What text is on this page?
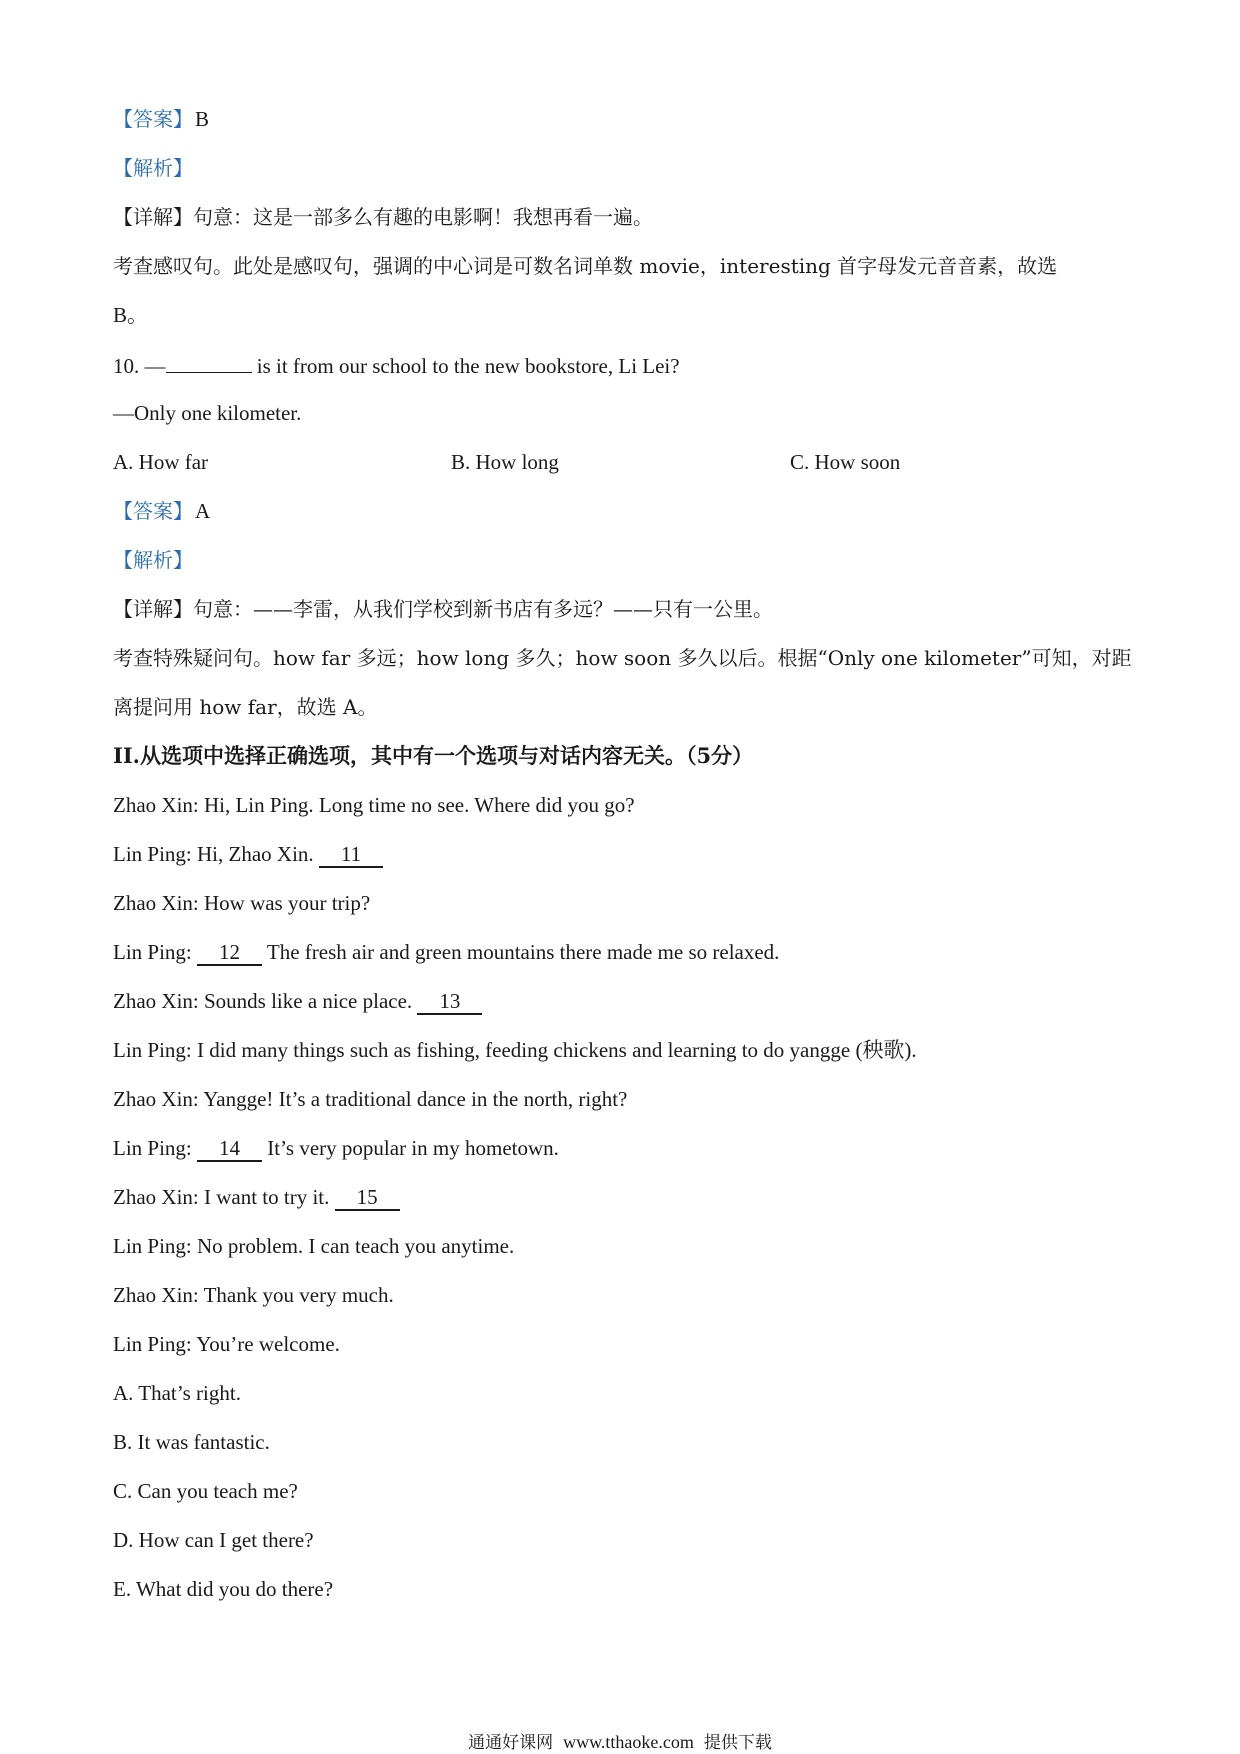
【答案】B
【解析】
【详解】句意：这是一部多么有趣的电影啊！我想再看一遍。
考查感叹句。此处是感叹句，强调的中心词是可数名词单数 movie，interesting 首字母发元音音素，故选
B。
10. —	is it from our school to the new bookstore, Li Lei?
—Only one kilometer.
A. How far	B. How long	C. How soon
【答案】A
【解析】
【详解】句意：——李雷，从我们学校到新书店有多远？——只有一公里。
考查特殊疑问句。how far 多远；how long 多久；how soon 多久以后。根据“Only one kilometer”可知，对距
离提问用 how far，故选 A。
II.从选项中选择正确选项，其中有一个选项与对话内容无关。（5分）
Zhao Xin: Hi, Lin Ping. Long time no see. Where did you go?
Lin Ping: Hi, Zhao Xin. 11
Zhao Xin: How was your trip?
Lin Ping: 12 The fresh air and green mountains there made me so relaxed.
Zhao Xin: Sounds like a nice place. 13
Lin Ping: I did many things such as fishing, feeding chickens and learning to do yangge (秧歌).
Zhao Xin: Yangge! It’s a traditional dance in the north, right?
Lin Ping: 14 It’s very popular in my hometown.
Zhao Xin: I want to try it. 15
Lin Ping: No problem. I can teach you anytime.
Zhao Xin: Thank you very much.
Lin Ping: You’re welcome.
A. That’s right.
B. It was fantastic.
C. Can you teach me?
D. How can I get there?
E. What did you do there?
通通好课网 www.tthaoke.com 提供下载
